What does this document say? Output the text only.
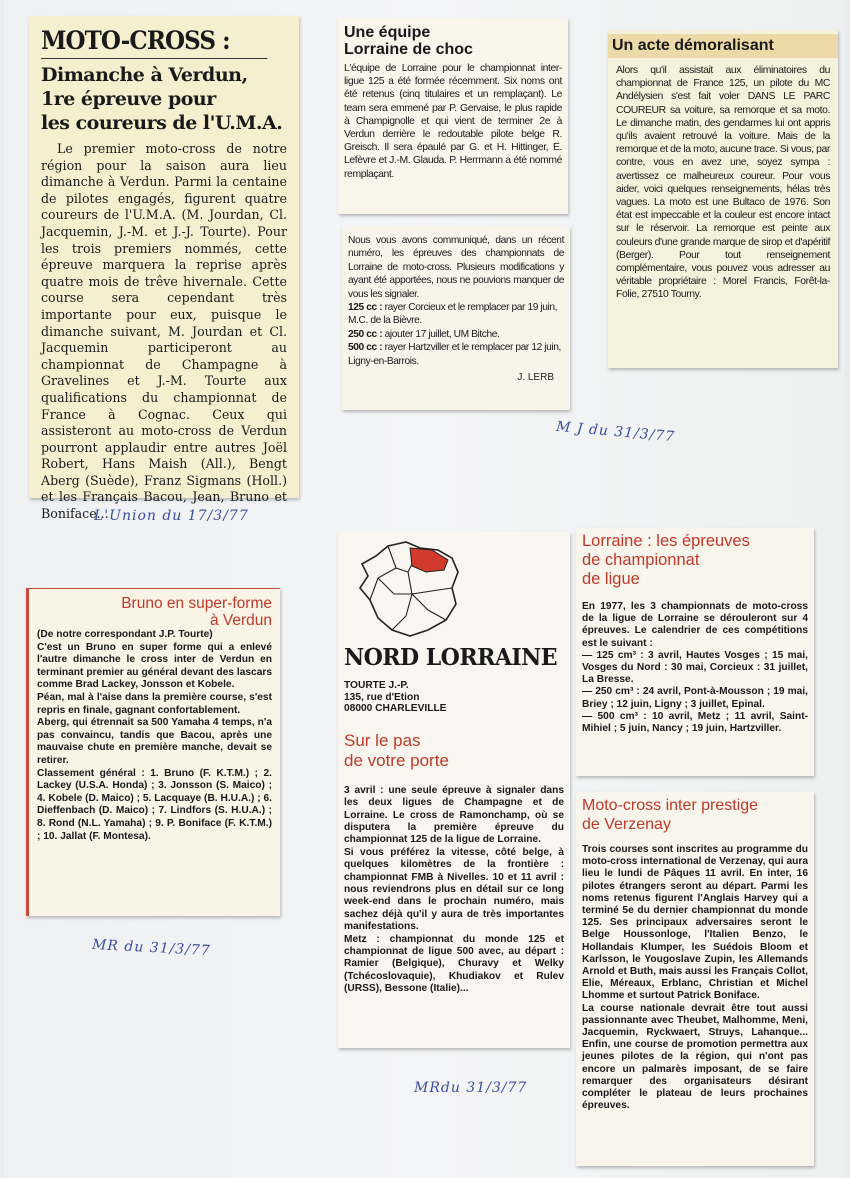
MOTO-CROSS :
Dimanche à Verdun,
1re épreuve pour
les coureurs de l'U.M.A.

Le premier moto-cross de notre région pour la saison aura lieu dimanche à Verdun. Parmi la centaine de pilotes engagés, figurent quatre coureurs de l'U.M.A. (M. Jourdan, Cl. Jacquemin, J.-M. et J.-J. Tourte). Pour les trois premiers nommés, cette épreuve marquera la reprise après quatre mois de trêve hivernale. Cette course sera cependant très importante pour eux, puisque le dimanche suivant, M. Jourdan et Cl. Jacquemin participeront au championnat de Champagne à Gravelines et J.-M. Tourte aux qualifications du championnat de France à Cognac. Ceux qui assisteront au moto-cross de Verdun pourront applaudir entre autres Joël Robert, Hans Maish (All.), Bengt Aberg (Suède), Franz Sigmans (Holl.) et les Français Bacou, Jean, Bruno et Boniface...

Une équipe
Lorraine de choc

L'équipe de Lorraine pour le championnat inter-ligue 125 a été formée récemment. Six noms ont été retenus (cinq titulaires et un remplaçant). Le team sera emmené par P. Gervaise, le plus rapide à Champignolle et qui vient de terminer 2e à Verdun derrière le redoutable pilote belge R. Greisch. Il sera épaulé par G. et H. Hittinger, E. Lefèvre et J.-M. Glauda. P. Herrmann a été nommé remplaçant.

Nous vous avons communiqué, dans un récent numéro, les épreuves des championnats de Lorraine de moto-cross. Plusieurs modifications y ayant été apportées, nous ne pouvions manquer de vous les signaler.

125 cc : rayer Corcieux et le remplacer par 19 juin, M.C. de la Bièvre.

250 cc : ajouter 17 juillet, UM Bitche.

500 cc : rayer Hartzviller et le remplacer par 12 juin, Ligny-en-Barrois.

J. LERB
Un acte démoralisant

Alors qu'il assistait aux éliminatoires du championnat de France 125, un pilote du MC Andélysien s'est fait voler DANS LE PARC COUREUR sa voiture, sa remorque et sa moto. Le dimanche matin, des gendarmes lui ont appris qu'ils avaient retrouvé la voiture. Mais de la remorque et de la moto, aucune trace. Si vous, par contre, vous en avez une, soyez sympa : avertissez ce malheureux coureur. Pour vous aider, voici quelques renseignements, hélas très vagues. La moto est une Bultaco de 1976. Son état est impeccable et la couleur est encore intact sur le réservoir. La remorque est peinte aux couleurs d'une grande marque de sirop et d'apéritif (Berger). Pour tout renseignement complémentaire, vous pouvez vous adresser au véritable propriétaire : Morel Francis, Forêt-la-Folie, 27510 Tourny.

Bruno en super-forme
à Verdun

(De notre correspondant J.P. Tourte)

C'est un Bruno en super forme qui a enlevé l'autre dimanche le cross inter de Verdun en terminant premier au général devant des lascars comme Brad Lackey, Jonsson et Kobele.

Péan, mal à l'aise dans la première course, s'est repris en finale, gagnant confortablement.

Aberg, qui étrennait sa 500 Yamaha 4 temps, n'a pas convaincu, tandis que Bacou, après une mauvaise chute en première manche, devait se retirer.

Classement général : 1. Bruno (F. K.T.M.) ; 2. Lackey (U.S.A. Honda) ; 3. Jonsson (S. Maico) ; 4. Kobele (D. Maico) ; 5. Lacquaye (B. H.U.A.) ; 6. Dieffenbach (D. Maico) ; 7. Lindfors (S. H.U.A.) ; 8. Rond (N.L. Yamaha) ; 9. P. Boniface (F. K.T.M.) ; 10. Jallat (F. Montesa).

NORD LORRAINE
TOURTE J.-P.
135, rue d'Etion
08000 CHARLEVILLE
Sur le pas
de votre porte

3 avril : une seule épreuve à signaler dans les deux ligues de Champagne et de Lorraine. Le cross de Ramonchamp, où se disputera la première épreuve du championnat 125 de la ligue de Lorraine.

Si vous préférez la vitesse, côté belge, à quelques kilomètres de la frontière : championnat FMB à Nivelles. 10 et 11 avril : nous reviendrons plus en détail sur ce long week-end dans le prochain numéro, mais sachez déjà qu'il y aura de très importantes manifestations.

Metz : championnat du monde 125 et championnat de ligue 500 avec, au départ : Ramier (Belgique), Churavy et Welky (Tchécoslovaquie), Khudiakov et Rulev (URSS), Bessone (Italie)...

Lorraine : les épreuves
de championnat
de ligue

En 1977, les 3 championnats de moto-cross de la ligue de Lorraine se dérouleront sur 4 épreuves. Le calendrier de ces compétitions est le suivant :

— 125 cm³ : 3 avril, Hautes Vosges ; 15 mai, Vosges du Nord : 30 mai, Corcieux : 31 juillet, La Bresse.

— 250 cm³ : 24 avril, Pont-à-Mousson ; 19 mai, Briey ; 12 juin, Ligny ; 3 juillet, Epinal.

— 500 cm³ : 10 avril, Metz ; 11 avril, Saint-Mihiel ; 5 juin, Nancy ; 19 juin, Hartzviller.

Moto-cross inter prestige
de Verzenay

Trois courses sont inscrites au programme du moto-cross international de Verzenay, qui aura lieu le lundi de Pâques 11 avril. En inter, 16 pilotes étrangers seront au départ. Parmi les noms retenus figurent l'Anglais Harvey qui a terminé 5e du dernier championnat du monde 125. Ses principaux adversaires seront le Belge Houssonloge, l'Italien Benzo, le Hollandais Klumper, les Suédois Bloom et Karlsson, le Yougoslave Zupin, les Allemands Arnold et Buth, mais aussi les Français Collot, Elie, Méreaux, Erblanc, Christian et Michel Lhomme et surtout Patrick Boniface.

La course nationale devrait être tout aussi passionnante avec Theubet, Malhomme, Meni, Jacquemin, Ryckwaert, Struys, Lahanque... Enfin, une course de promotion permettra aux jeunes pilotes de la région, qui n'ont pas encore un palmarès imposant, de se faire remarquer des organisateurs désirant compléter le plateau de leurs prochaines épreuves.

L'Union du 17/3/77
M J du 31/3/77
MR du 31/3/77
MRdu 31/3/77
